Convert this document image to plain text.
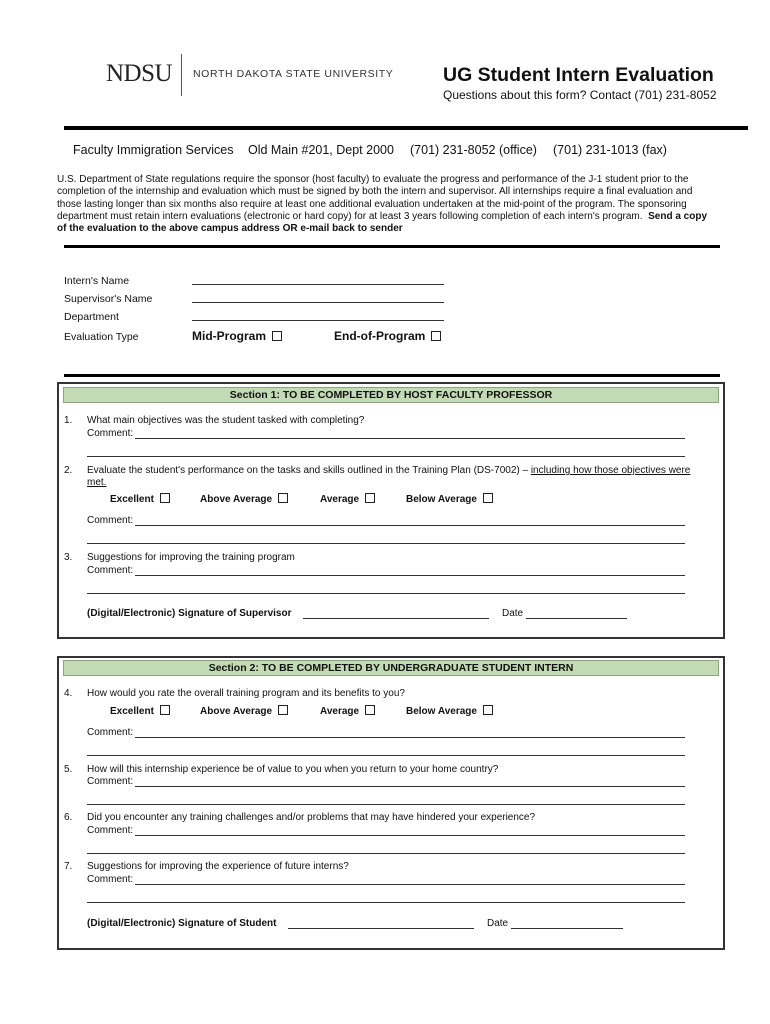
NDSU NORTH DAKOTA STATE UNIVERSITY	UG Student Intern Evaluation
Questions about this form? Contact (701) 231-8052
Faculty Immigration Services Old Main #201, Dept 2000 (701) 231-8052 (office) (701) 231-1013 (fax)
U.S. Department of State regulations require the sponsor (host faculty) to evaluate the progress and performance of the J-1 student prior to the completion of the internship and evaluation which must be signed by both the intern and supervisor. All internships require a final evaluation and those lasting longer than six months also require at least one additional evaluation undertaken at the mid-point of the program. The sponsoring department must retain intern evaluations (electronic or hard copy) for at least 3 years following completion of each intern's program. Send a copy of the evaluation to the above campus address OR e-mail back to sender
Intern's Name
Supervisor's Name
Department
Evaluation Type	Mid-Program	End-of-Program
Section 1: TO BE COMPLETED BY HOST FACULTY PROFESSOR
1. What main objectives was the student tasked with completing?
Comment:
2. Evaluate the student's performance on the tasks and skills outlined in the Training Plan (DS-7002) – including how those objectives were met.
Excellent	Above Average	Average	Below Average
Comment:
3. Suggestions for improving the training program
Comment:
(Digital/Electronic) Signature of Supervisor	Date
Section 2: TO BE COMPLETED BY UNDERGRADUATE STUDENT INTERN
4. How would you rate the overall training program and its benefits to you?
Excellent	Above Average	Average	Below Average
Comment:
5. How will this internship experience be of value to you when you return to your home country?
Comment:
6. Did you encounter any training challenges and/or problems that may have hindered your experience?
Comment:
7. Suggestions for improving the experience of future interns?
Comment:
(Digital/Electronic) Signature of Student	Date
